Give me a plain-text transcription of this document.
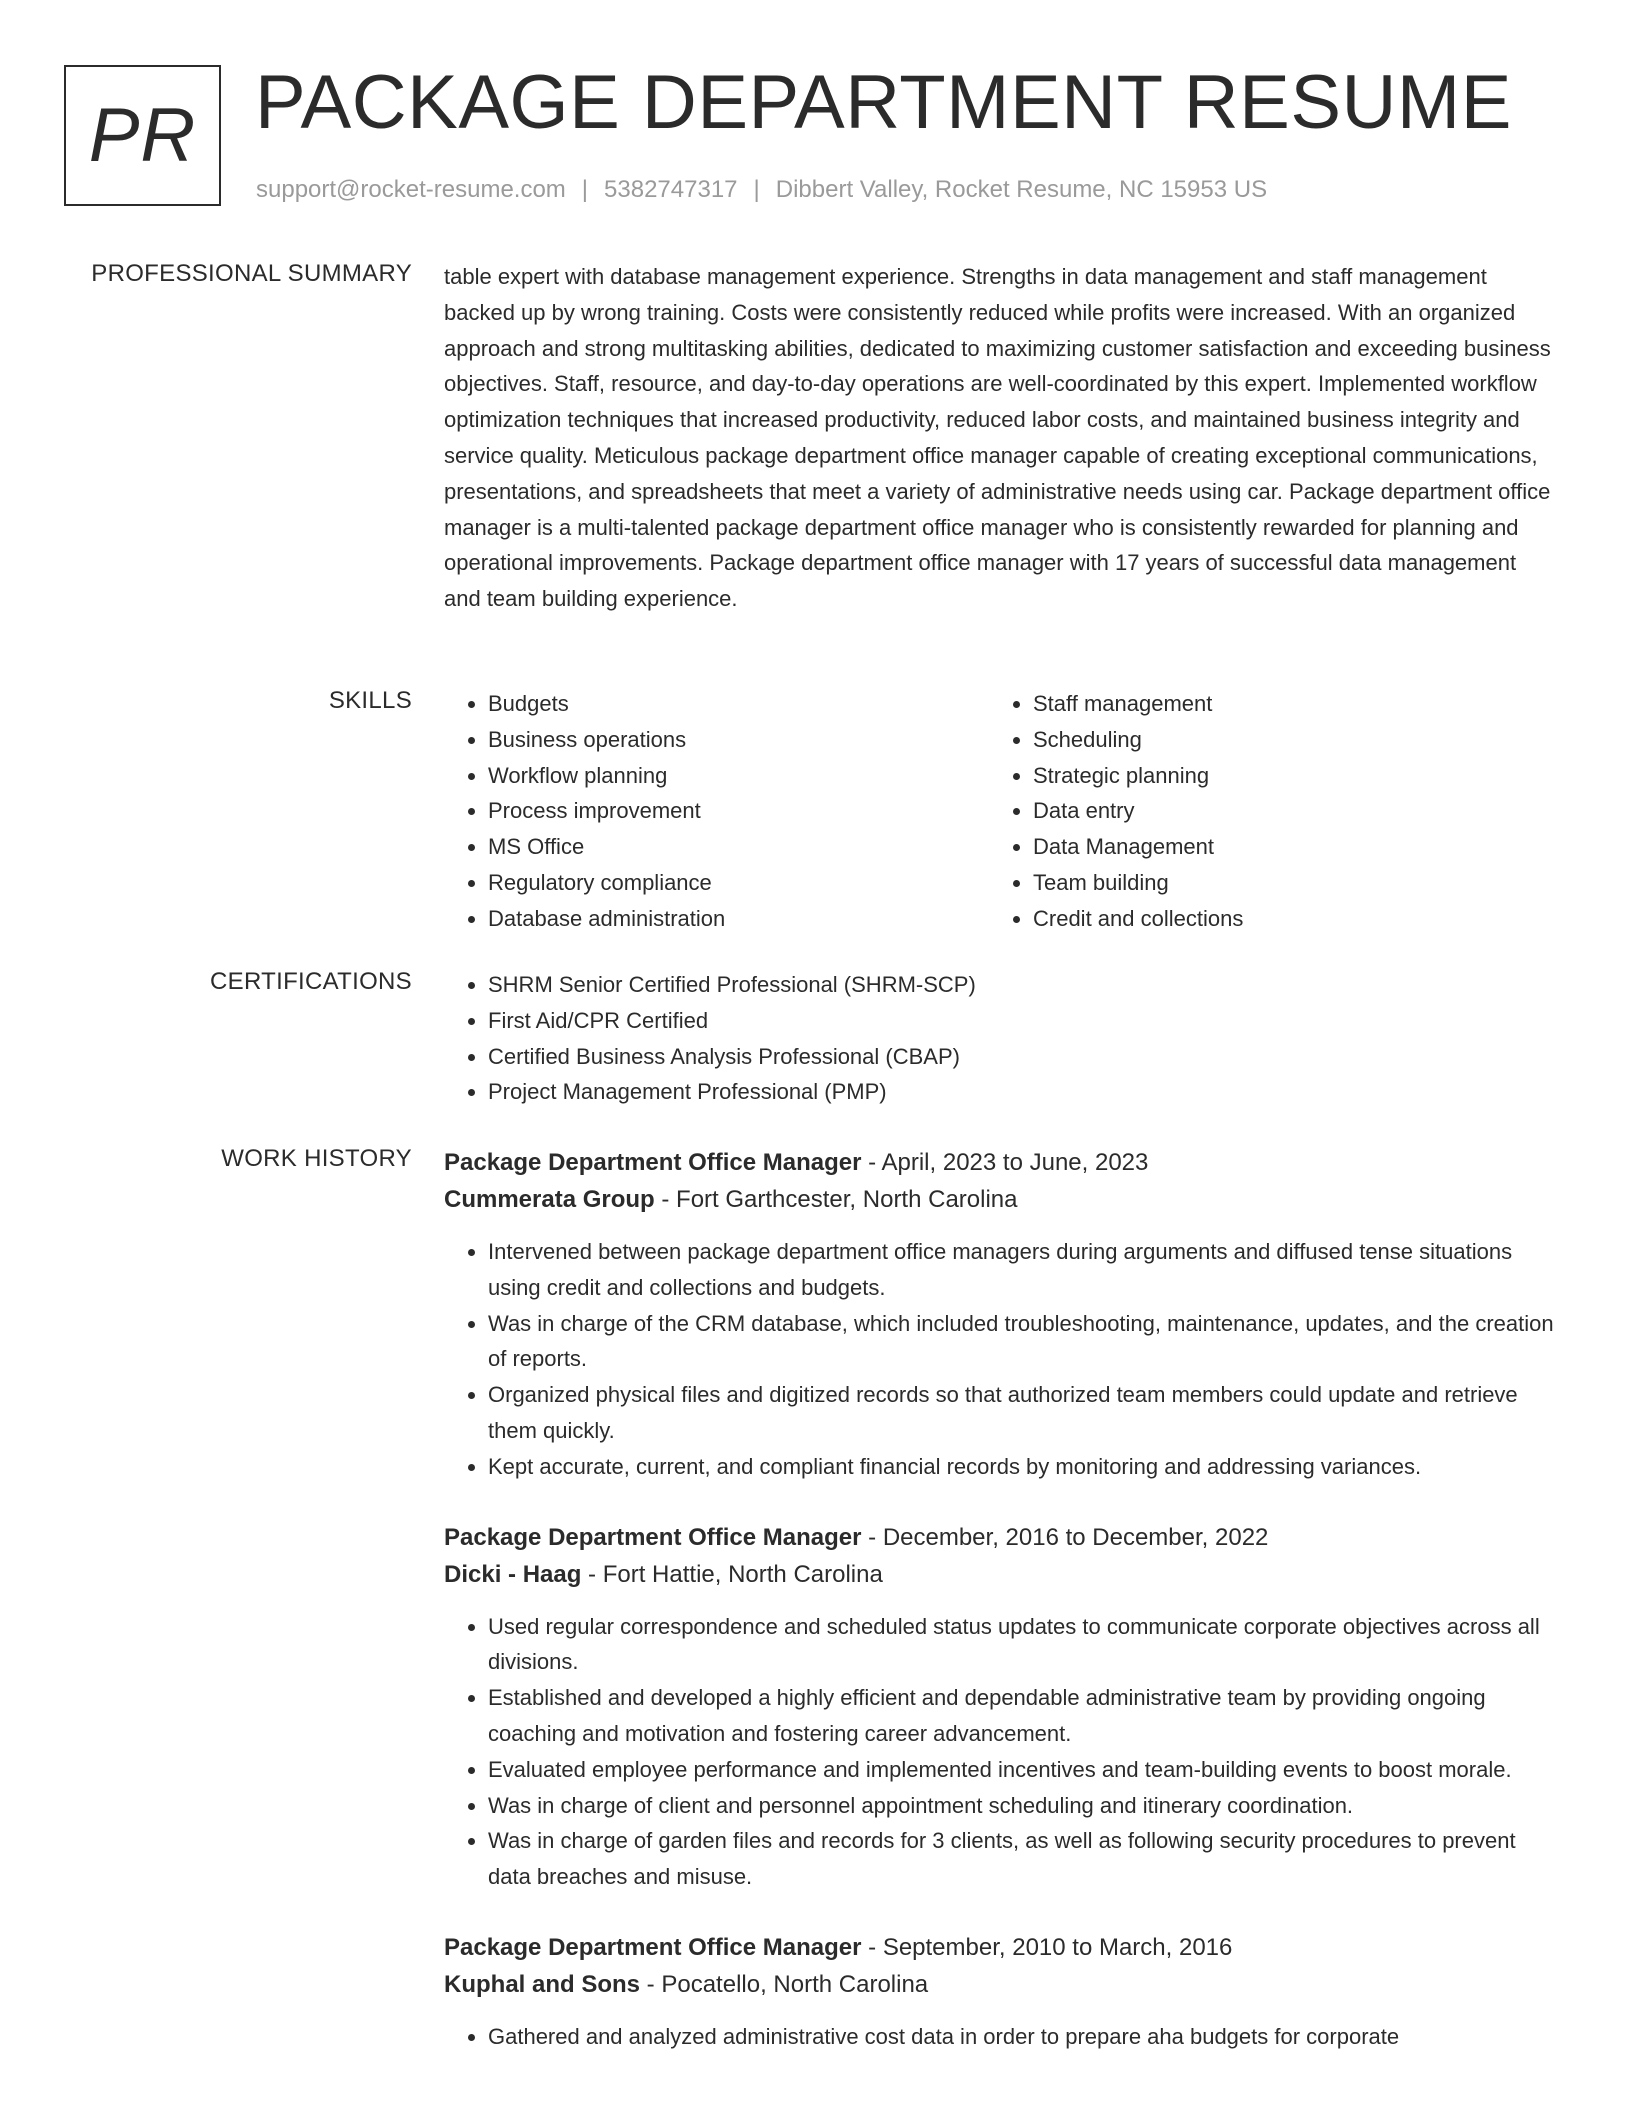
PR PACKAGE DEPARTMENT RESUME
support@rocket-resume.com | 5382747317 | Dibbert Valley, Rocket Resume, NC 15953 US
PROFESSIONAL SUMMARY table expert with database management experience. Strengths in data management and staff management backed up by wrong training. Costs were consistently reduced while profits were increased. With an organized approach and strong multitasking abilities, dedicated to maximizing customer satisfaction and exceeding business objectives. Staff, resource, and day-to-day operations are well-coordinated by this expert. Implemented workflow optimization techniques that increased productivity, reduced labor costs, and maintained business integrity and service quality. Meticulous package department office manager capable of creating exceptional communications, presentations, and spreadsheets that meet a variety of administrative needs using car. Package department office manager is a multi-talented package department office manager who is consistently rewarded for planning and operational improvements. Package department office manager with 17 years of successful data management and team building experience.

SKILLS	• Budgets
• Business operations
• Workflow planning
• Process improvement
• MS Office
• Regulatory compliance
• Database administration
• Staff management
• Scheduling
• Strategic planning
• Data entry
• Data Management
• Team building
• Credit and collections
CERTIFICATIONS	• SHRM Senior Certified Professional (SHRM-SCP)
• First Aid/CPR Certified
• Certified Business Analysis Professional (CBAP)
• Project Management Professional (PMP)
WORK HISTORY Package Department Office Manager - April, 2023 to June, 2023
Cummerata Group - Fort Garthcester, North Carolina
• Intervened between package department office managers during arguments and diffused tense situations using credit and collections and budgets.
• Was in charge of the CRM database, which included troubleshooting, maintenance, updates, and the creation of reports.
• Organized physical files and digitized records so that authorized team members could update and retrieve them quickly.
• Kept accurate, current, and compliant financial records by monitoring and addressing variances.
Package Department Office Manager - December, 2016 to December, 2022
Dicki - Haag - Fort Hattie, North Carolina
• Used regular correspondence and scheduled status updates to communicate corporate objectives across all divisions.
• Established and developed a highly efficient and dependable administrative team by providing ongoing coaching and motivation and fostering career advancement.
• Evaluated employee performance and implemented incentives and team-building events to boost morale.
• Was in charge of client and personnel appointment scheduling and itinerary coordination.
• Was in charge of garden files and records for 3 clients, as well as following security procedures to prevent data breaches and misuse.
Package Department Office Manager - September, 2010 to March, 2016
Kuphal and Sons - Pocatello, North Carolina
• Gathered and analyzed administrative cost data in order to prepare aha budgets for corporate
